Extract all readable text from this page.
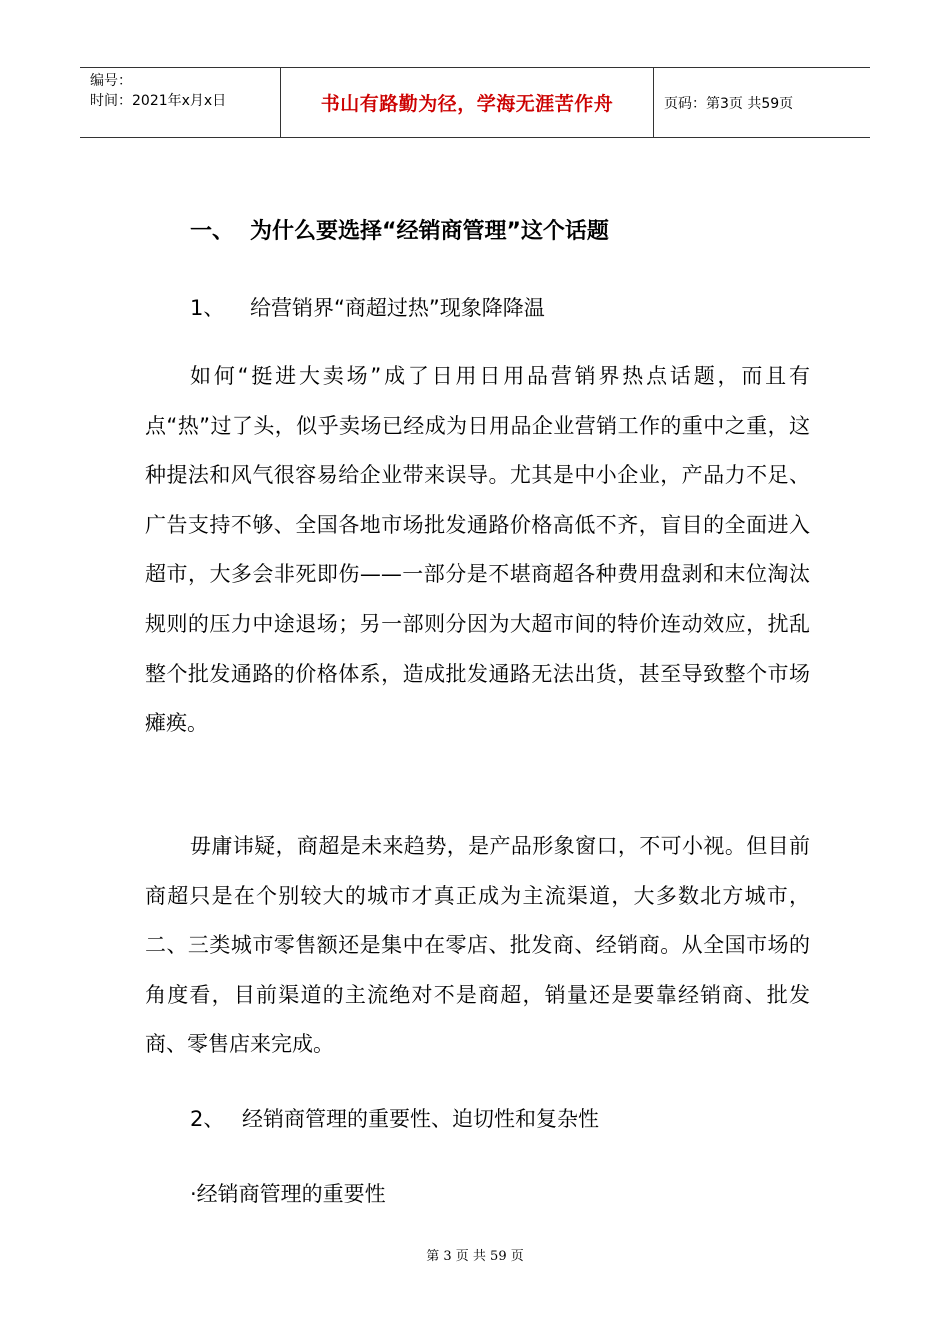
编号：
时间：2021年x月x日	书山有路勤为径，学海无涯苦作舟	页码：第3页 共59页
一、 为什么要选择“经销商管理”这个话题
1、 给营销界“商超过热”现象降降温

如何“挺进大卖场”成了日用日用品营销界热点话题，而且有点“热”过了头，似乎卖场已经成为日用品企业营销工作的重中之重，这种提法和风气很容易给企业带来误导。尤其是中小企业，产品力不足、广告支持不够、全国各地市场批发通路价格高低不齐，盲目的全面进入超市，大多会非死即伤——一部分是不堪商超各种费用盘剥和末位淘汰规则的压力中途退场；另一部则分因为大超市间的特价连动效应，扰乱整个批发通路的价格体系，造成批发通路无法出货，甚至导致整个市场瘫痪。

毋庸讳疑，商超是未来趋势，是产品形象窗口，不可小视。但目前商超只是在个别较大的城市才真正成为主流渠道，大多数北方城市，二、三类城市零售额还是集中在零店、批发商、经销商。从全国市场的角度看，目前渠道的主流绝对不是商超，销量还是要靠经销商、批发商、零售店来完成。

2、 经销商管理的重要性、迫切性和复杂性
·经销商管理的重要性
第 3 页 共 59 页
